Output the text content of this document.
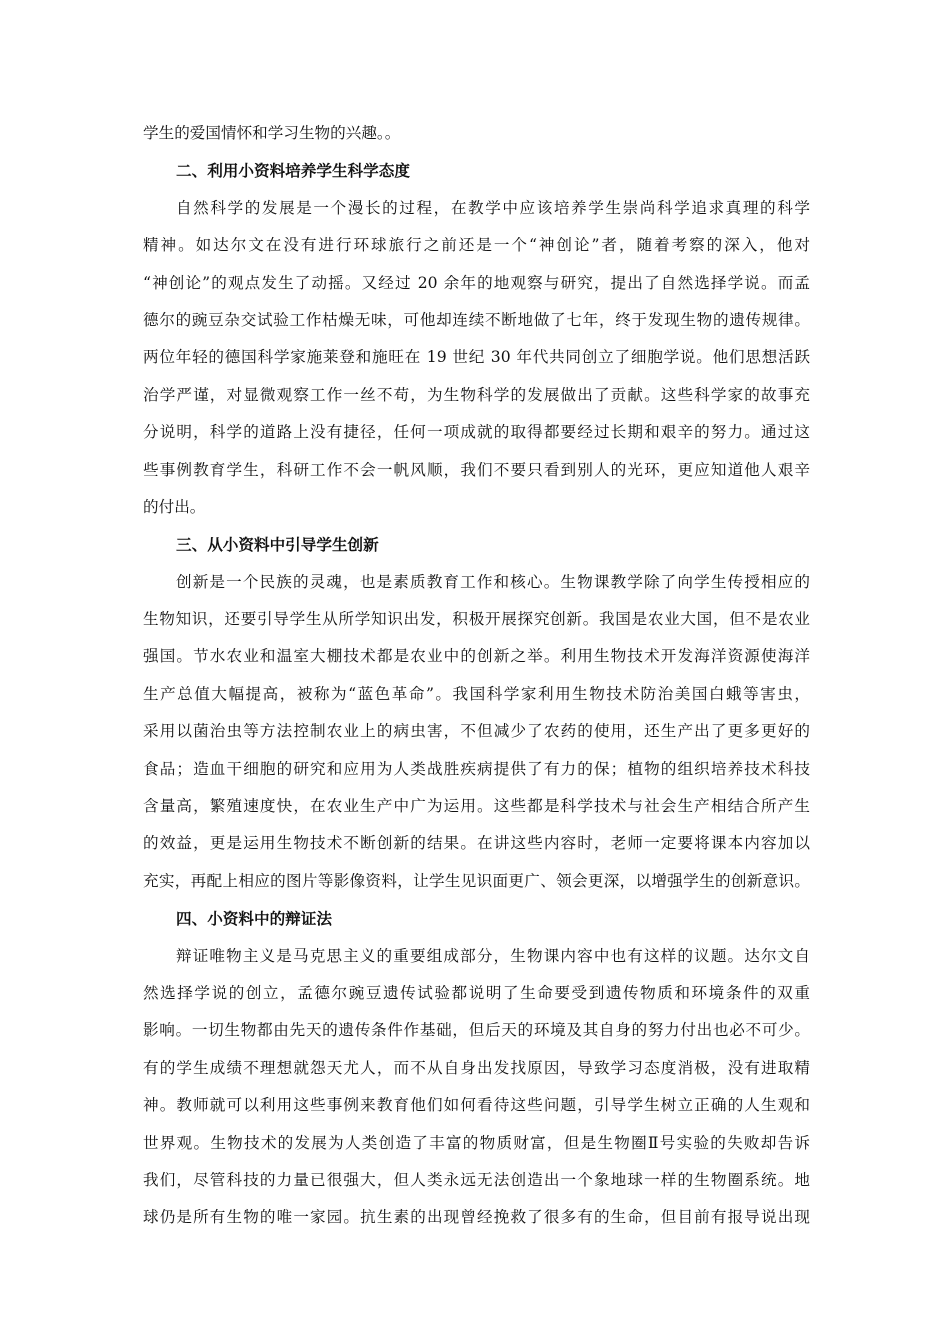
学生的爱国情怀和学习生物的兴趣。。
二、利用小资料培养学生科学态度
自然科学的发展是一个漫长的过程，在教学中应该培养学生崇尚科学追求真理的科学
精神。如达尔文在没有进行环球旅行之前还是一个“神创论”者，随着考察的深入，他对
“神创论”的观点发生了动摇。又经过 20 余年的地观察与研究，提出了自然选择学说。而孟
德尔的豌豆杂交试验工作枯燥无味，可他却连续不断地做了七年，终于发现生物的遗传规律。
两位年轻的德国科学家施莱登和施旺在 19 世纪 30 年代共同创立了细胞学说。他们思想活跃
治学严谨，对显微观察工作一丝不苟，为生物科学的发展做出了贡献。这些科学家的故事充
分说明，科学的道路上没有捷径，任何一项成就的取得都要经过长期和艰辛的努力。通过这
些事例教育学生，科研工作不会一帆风顺，我们不要只看到别人的光环，更应知道他人艰辛
的付出。
三、从小资料中引导学生创新
创新是一个民族的灵魂，也是素质教育工作和核心。生物课教学除了向学生传授相应的
生物知识，还要引导学生从所学知识出发，积极开展探究创新。我国是农业大国，但不是农业
强国。节水农业和温室大棚技术都是农业中的创新之举。利用生物技术开发海洋资源使海洋
生产总值大幅提高，被称为“蓝色革命”。我国科学家利用生物技术防治美国白蛾等害虫，
采用以菌治虫等方法控制农业上的病虫害，不但减少了农药的使用，还生产出了更多更好的
食品；造血干细胞的研究和应用为人类战胜疾病提供了有力的保；植物的组织培养技术科技
含量高，繁殖速度快，在农业生产中广为运用。这些都是科学技术与社会生产相结合所产生
的效益，更是运用生物技术不断创新的结果。在讲这些内容时，老师一定要将课本内容加以
充实，再配上相应的图片等影像资料，让学生见识面更广、领会更深，以增强学生的创新意识。
四、小资料中的辩证法
辩证唯物主义是马克思主义的重要组成部分，生物课内容中也有这样的议题。达尔文自
然选择学说的创立，孟德尔豌豆遗传试验都说明了生命要受到遗传物质和环境条件的双重
影响。一切生物都由先天的遗传条件作基础，但后天的环境及其自身的努力付出也必不可少。
有的学生成绩不理想就怨天尤人，而不从自身出发找原因，导致学习态度消极，没有进取精
神。教师就可以利用这些事例来教育他们如何看待这些问题，引导学生树立正确的人生观和
世界观。生物技术的发展为人类创造了丰富的物质财富，但是生物圈Ⅱ号实验的失败却告诉
我们，尽管科技的力量已很强大，但人类永远无法创造出一个象地球一样的生物圈系统。地
球仍是所有生物的唯一家园。抗生素的出现曾经挽救了很多有的生命，但目前有报导说出现
